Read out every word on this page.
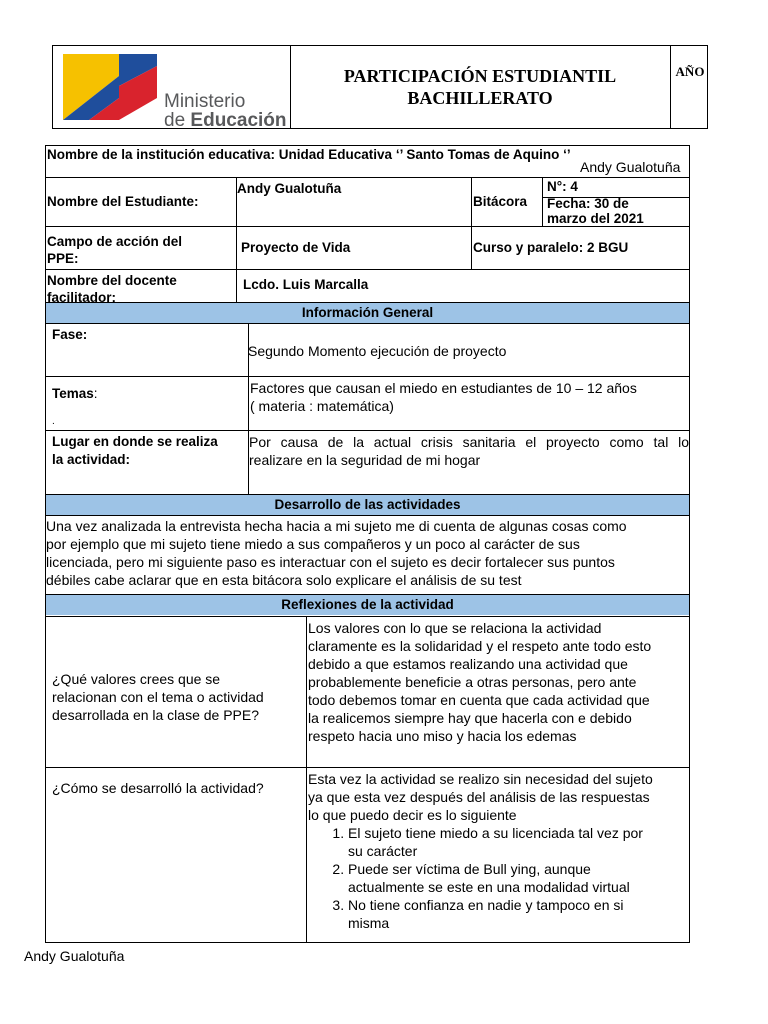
Ministerio
de Educación
PARTICIPACIÓN ESTUDIANTIL
BACHILLERATO
AÑO
Nombre de la institución educativa: Unidad Educativa ‘’ Santo Tomas de Aquino ‘’
Andy Gualotuña
Nombre del Estudiante:
Andy Gualotuña
Bitácora
N°: 4
Fecha: 30 de
marzo del 2021
Campo de acción del
PPE:
Proyecto de Vida	Curso y paralelo: 2 BGU
Nombre del docente
facilitador:
Lcdo. Luis Marcalla
Información General
Fase:
Segundo Momento ejecución de proyecto
Temas:
.
Factores que causan el miedo en estudiantes de 10 – 12 años
( materia : matemática)
Lugar en donde se realiza
la actividad:
Por causa de la actual crisis sanitaria el proyecto como tal lo
realizare en la seguridad de mi hogar
Desarrollo de las actividades
Una vez analizada la entrevista hecha hacia a mi sujeto me di cuenta de algunas cosas como
por ejemplo que mi sujeto tiene miedo a sus compañeros y un poco al carácter de sus
licenciada, pero mi siguiente paso es interactuar con el sujeto es decir fortalecer sus puntos
débiles cabe aclarar que en esta bitácora solo explicare el análisis de su test
Reflexiones de la actividad
¿Qué valores crees que se
relacionan con el tema o actividad
desarrollada en la clase de PPE?
Los valores con lo que se relaciona la actividad
claramente es la solidaridad y el respeto ante todo esto
debido a que estamos realizando una actividad que
probablemente beneficie a otras personas, pero ante
todo debemos tomar en cuenta que cada actividad que
la realicemos siempre hay que hacerla con e debido
respeto hacia uno miso y hacia los edemas
¿Cómo se desarrolló la actividad?
Esta vez la actividad se realizo sin necesidad del sujeto
ya que esta vez después del análisis de las respuestas
lo que puedo decir es lo siguiente
1. El sujeto tiene miedo a su licenciada tal vez por
su carácter
2. Puede ser víctima de Bull ying, aunque
actualmente se este en una modalidad virtual
3. No tiene confianza en nadie y tampoco en si
misma
Andy Gualotuña
